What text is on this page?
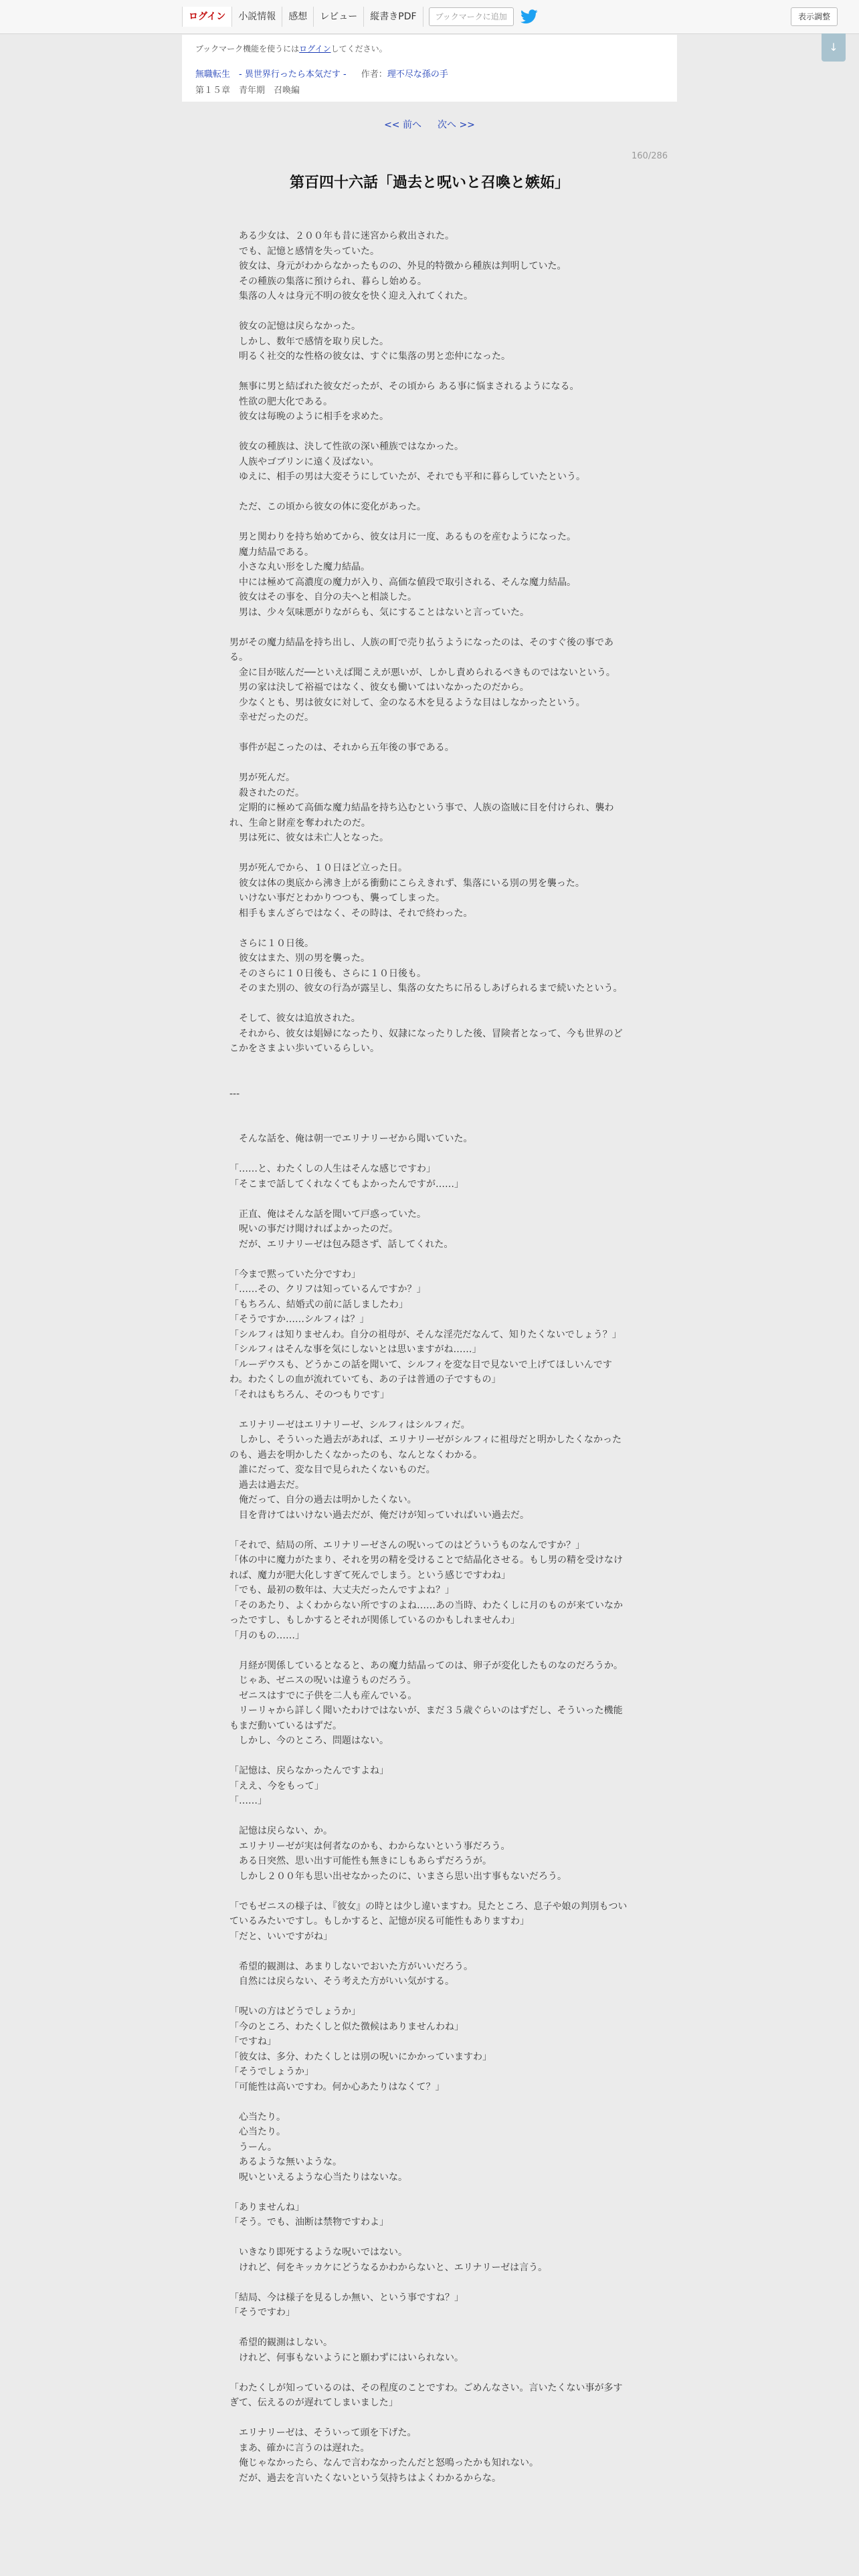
ログイン	小説情報	感想	レビュー	縦書きPDF	ブックマークに追加	表示調整
↓
ブックマーク機能を使うにはログインしてください。
無職転生　- 異世界行ったら本気だす - 作者：理不尽な孫の手
第１５章　青年期　召喚編
<< 前へ 次へ >>
160/286
第百四十六話「過去と呪いと召喚と嫉妬」

　ある少女は、２００年も昔に迷宮から救出された。

　でも、記憶と感情を失っていた。

　彼女は、身元がわからなかったものの、外見的特徴から種族は判明していた。

　その種族の集落に預けられ、暮らし始める。

　集落の人々は身元不明の彼女を快く迎え入れてくれた。

　彼女の記憶は戻らなかった。

　しかし、数年で感情を取り戻した。

　明るく社交的な性格の彼女は、すぐに集落の男と恋仲になった。

　無事に男と結ばれた彼女だったが、その頃から ある事に悩まされるようになる。

　性欲の肥大化である。

　彼女は毎晩のように相手を求めた。

　彼女の種族は、決して性欲の深い種族ではなかった。

　人族やゴブリンに遠く及ばない。

　ゆえに、相手の男は大変そうにしていたが、それでも平和に暮らしていたという。

　ただ、この頃から彼女の体に変化があった。

　男と関わりを持ち始めてから、彼女は月に一度、あるものを産むようになった。

　魔力結晶である。

　小さな丸い形をした魔力結晶。

　中には極めて高濃度の魔力が入り、高価な値段で取引される、そんな魔力結晶。

　彼女はその事を、自分の夫へと相談した。

　男は、少々気味悪がりながらも、気にすることはないと言っていた。

男がその魔力結晶を持ち出し、人族の町で売り払うようになったのは、そのすぐ後の事である。

　金に目が眩んだ──といえば聞こえが悪いが、しかし責められるべきものではないという。

　男の家は決して裕福ではなく、彼女も働いてはいなかったのだから。

　少なくとも、男は彼女に対して、金のなる木を見るような目はしなかったという。

　幸せだったのだ。

　事件が起こったのは、それから五年後の事である。

　男が死んだ。

　殺されたのだ。

　定期的に極めて高価な魔力結晶を持ち込むという事で、人族の盗賊に目を付けられ、襲われ、生命と財産を奪われたのだ。

　男は死に、彼女は未亡人となった。

　男が死んでから、１０日ほど立った日。

　彼女は体の奥底から沸き上がる衝動にこらえきれず、集落にいる別の男を襲った。

　いけない事だとわかりつつも、襲ってしまった。

　相手もまんざらではなく、その時は、それで終わった。

　さらに１０日後。

　彼女はまた、別の男を襲った。

　そのさらに１０日後も、さらに１０日後も。

　そのまた別の、彼女の行為が露呈し、集落の女たちに吊るしあげられるまで続いたという。

　そして、彼女は追放された。

　それから、彼女は娼婦になったり、奴隷になったりした後、冒険者となって、今も世界のどこかをさまよい歩いているらしい。

---

　そんな話を、俺は朝一でエリナリーゼから聞いていた。

「……と、わたくしの人生はそんな感じですわ」

「そこまで話してくれなくてもよかったんですが……」

　正直、俺はそんな話を聞いて戸惑っていた。

　呪いの事だけ聞ければよかったのだ。

　だが、エリナリーゼは包み隠さず、話してくれた。

「今まで黙っていた分ですわ」

「……その、クリフは知っているんですか？」

「もちろん、結婚式の前に話しましたわ」

「そうですか……シルフィは？」

「シルフィは知りませんわ。自分の祖母が、そんな淫売だなんて、知りたくないでしょう？」

「シルフィはそんな事を気にしないとは思いますがね……」

「ルーデウスも、どうかこの話を聞いて、シルフィを変な目で見ないで上げてほしいんですわ。わたくしの血が流れていても、あの子は普通の子ですもの」

「それはもちろん、そのつもりです」

　エリナリーゼはエリナリーゼ、シルフィはシルフィだ。

　しかし、そういった過去があれば、エリナリーゼがシルフィに祖母だと明かしたくなかったのも、過去を明かしたくなかったのも、なんとなくわかる。

　誰にだって、変な目で見られたくないものだ。

　過去は過去だ。

　俺だって、自分の過去は明かしたくない。

　目を背けてはいけない過去だが、俺だけが知っていればいい過去だ。

「それで、結局の所、エリナリーゼさんの呪いってのはどういうものなんですか？」

「体の中に魔力がたまり、それを男の精を受けることで結晶化させる。もし男の精を受けなければ、魔力が肥大化しすぎて死んでしまう。という感じですわね」

「でも、最初の数年は、大丈夫だったんですよね？」

「そのあたり、よくわからない所ですのよね……あの当時、わたくしに月のものが来ていなかったですし、もしかするとそれが関係しているのかもしれませんわ」

「月のもの……」

　月経が関係しているとなると、あの魔力結晶ってのは、卵子が変化したものなのだろうか。

　じゃあ、ゼニスの呪いは違うものだろう。

　ゼニスはすでに子供を二人も産んでいる。

　リーリャから詳しく聞いたわけではないが、まだ３５歳ぐらいのはずだし、そういった機能もまだ動いているはずだ。

　しかし、今のところ、問題はない。

「記憶は、戻らなかったんですよね」

「ええ、今をもって」

「……」

　記憶は戻らない、か。

　エリナリーゼが実は何者なのかも、わからないという事だろう。

　ある日突然、思い出す可能性も無きにしもあらずだろうが。

　しかし２００年も思い出せなかったのに、いまさら思い出す事もないだろう。

「でもゼニスの様子は、『彼女』の時とは少し違いますわ。見たところ、息子や娘の判別もついているみたいですし。もしかすると、記憶が戻る可能性もありますわ」

「だと、いいですがね」

　希望的観測は、あまりしないでおいた方がいいだろう。

　自然には戻らない、そう考えた方がいい気がする。

「呪いの方はどうでしょうか」

「今のところ、わたくしと似た徴候はありませんわね」

「ですね」

「彼女は、多分、わたくしとは別の呪いにかかっていますわ」

「そうでしょうか」

「可能性は高いですわ。何か心あたりはなくて？」

　心当たり。

　心当たり。

　うーん。

　あるような無いような。

　呪いといえるような心当たりはないな。

「ありませんね」

「そう。でも、油断は禁物ですわよ」

　いきなり即死するような呪いではない。

　けれど、何をキッカケにどうなるかわからないと、エリナリーゼは言う。

「結局、今は様子を見るしか無い、という事ですね？」

「そうですわ」

　希望的観測はしない。

　けれど、何事もないようにと願わずにはいられない。

「わたくしが知っているのは、その程度のことですわ。ごめんなさい。言いたくない事が多すぎて、伝えるのが遅れてしまいました」

　エリナリーゼは、そういって頭を下げた。

　まあ、確かに言うのは遅れた。

　俺じゃなかったら、なんで言わなかったんだと怒鳴ったかも知れない。

　だが、過去を言いたくないという気持ちはよくわかるからな。
